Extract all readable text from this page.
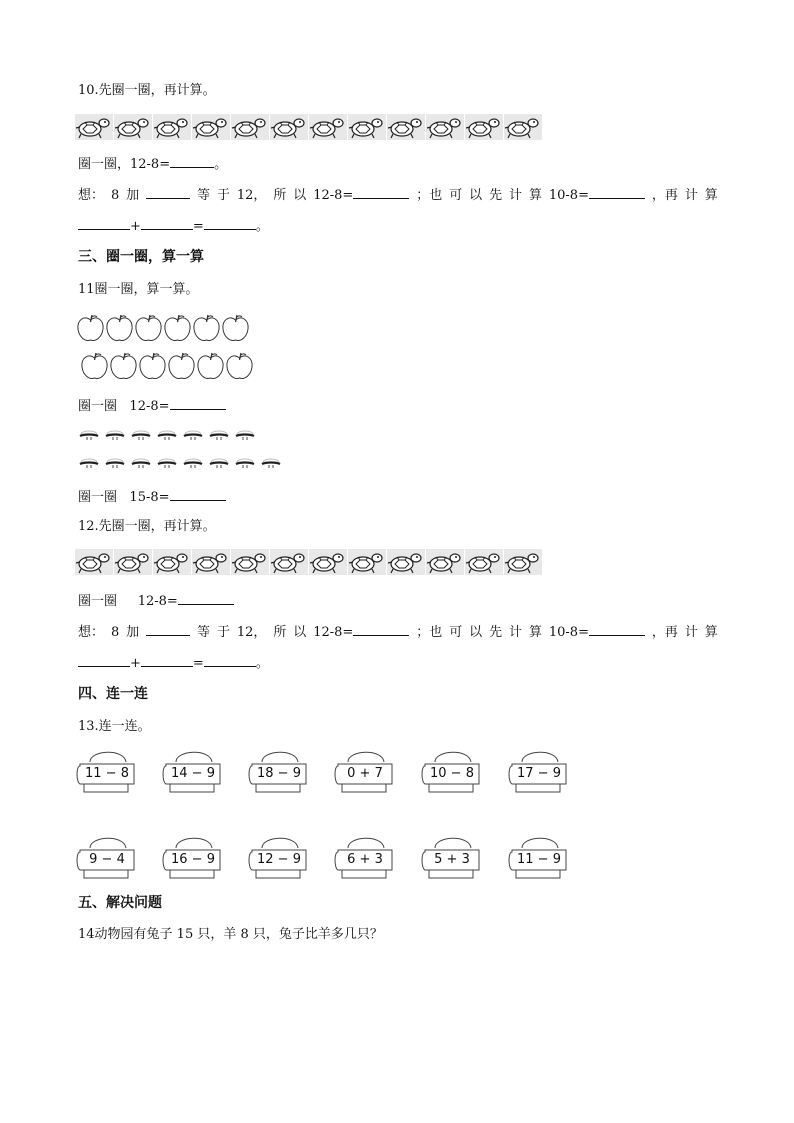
10.先圈一圈，再计算。
圈一圈，12-8=	。
想： 8 加	等 于 12， 所 以 12-8=	；也 可 以 先 计 算 10-8=	，再 计 算
+	=	。
三、圈一圈，算一算
11圈一圈，算一算。
圈一圈 12-8=
圈一圈 15-8=
12.先圈一圈，再计算。
圈一圈 12-8=
想： 8 加	等 于 12， 所 以 12-8=	；也 可 以 先 计 算 10-8=	，再 计 算
+	=	。
四、连一连
13.连一连。
11 − 8	14 − 9	18 − 9	0 + 7	10 − 8	17 − 9
9 − 4	16 − 9	12 − 9	6 + 3	5 + 3	11 − 9
五、解决问题
14动物园有兔子 15 只，羊 8 只，兔子比羊多几只？
